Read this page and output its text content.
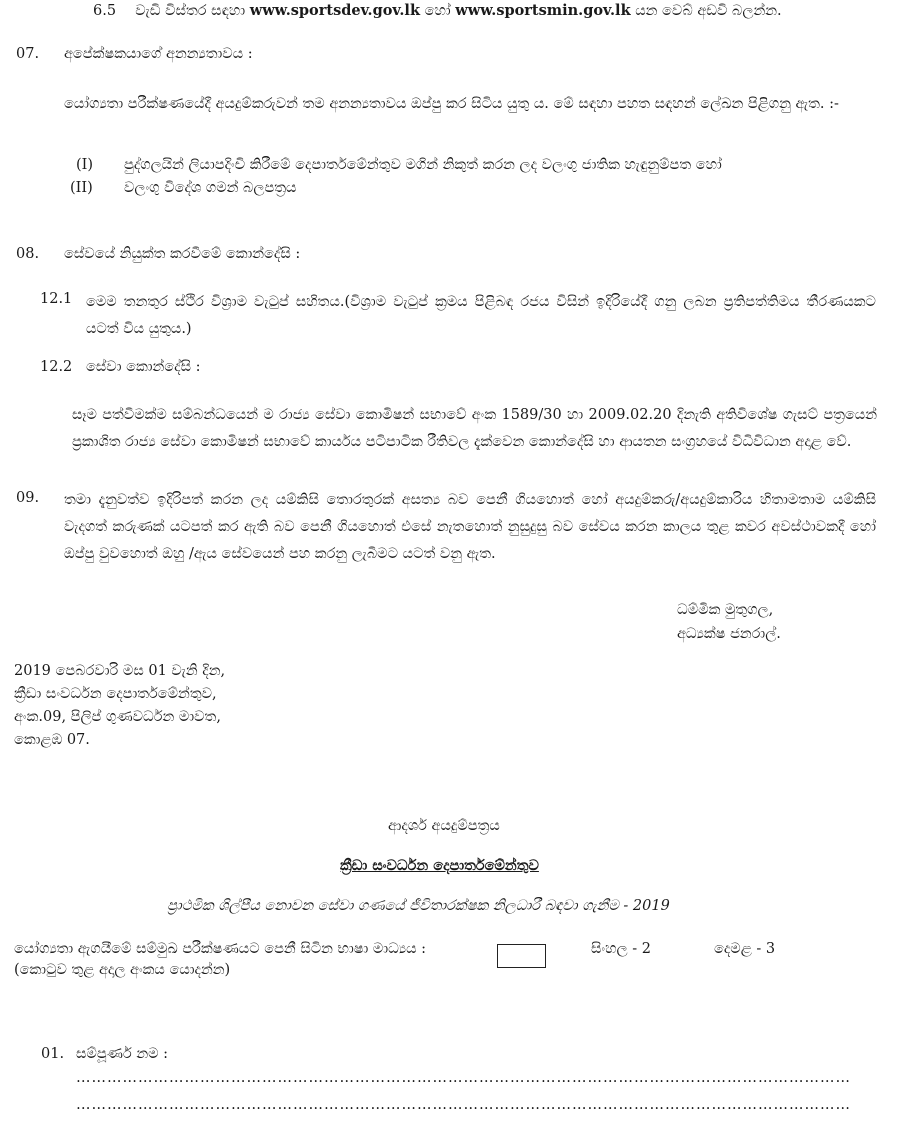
6.5 වැඩි විස්තර සඳහා www.sportsdev.gov.lk හෝ www.sportsmin.gov.lk යන වෙබ් අඩවි බලන්න.
07. අපේක්ෂකයාගේ අනන්‍යතාවය :
යෝග්‍යතා පරීක්ෂණයේදී අයදුම්කරුවන් තම අනන්‍යතාවය ඔප්පු කර සිටිය යුතු ය. මේ සඳහා පහත සඳහන් ලේඛන පිළිගනු ඇත. :-
(I) පුද්ගලයින් ලියාපදිංචි කිරීමේ දෙපාර්තමේන්තුව මගින් නිකුත් කරන ලද වලංගු ජාතික හැඳුනුම්පත හෝ
(II) වලංගු විදේශ ගමන් බලපත්‍රය
08. සේවයේ නියුක්ත කරවීමේ කොන්දේසි :
12.1 මෙම තනතුර ස්ථිර විශ්‍රාම වැටුප් සහිතය.(විශ්‍රාම වැටුප් ක්‍රමය පිළිබඳ රජය විසින් ඉදිරියේදී ගනු ලබන ප්‍රතිපත්තිමය තීරණයකට යටත් විය යුතුය.)
12.2 සේවා කොන්දේසි :
සෑම පත්වීමක්ම සම්බන්ධයෙන් ම රාජ්‍ය සේවා කොමිෂන් සභාවේ අංක 1589/30 හා 2009.02.20 දිනැති අතිවිශේෂ ගැසට් පත්‍රයෙන් ප්‍රකාශිත රාජ්‍ය සේවා කොමිෂන් සභාවේ කාර්යය පටිපාටික රීතිවල දැක්වෙන කොන්දේසි හා ආයතන සංග්‍රහයේ විධිවිධාන අදාළ වේ.
09. තමා දැනුවත්ව ඉදිරිපත් කරන ලද යම්කිසි තොරතුරක් අසත්‍ය බව පෙනී ගියහොත් හෝ අයදුම්කරු/අයදුම්කාරිය හිතාමතාම යම්කිසි වැදගත් කරුණක් යටපත් කර ඇති බව පෙනී ගියහොත් එසේ නැතහොත් නුසුදුසු බව සේවය කරන කාලය තුළ කවර අවස්ථාවකදී හෝ ඔප්පු වුවහොත් ඔහු /ඇය සේවයෙන් පහ කරනු ලැබීමට යටත් වනු ඇත.
ධම්මික මුතුගල,
අධ්‍යක්ෂ ජනරාල්.
2019 පෙබරවාරි මස 01 වැනි දින,
ක්‍රීඩා සංවර්ධන දෙපාර්තමේන්තුව,
අංක.09, පිලිප් ගුණවර්ධන මාවත,
කොළඹ 07.
ආදර්ශ අයදුම්පත්‍රය
ක්‍රීඩා සංවර්ධන දෙපාර්තමේන්තුව
ප්‍රාථමික ශිල්පීය නොවන සේවා ගණයේ ජීවිතාරක්ෂක නිලධාරී බඳවා ගැනීම - 2019
යෝග්‍යතා ඇගයීමේ සම්මුඛ පරීක්ෂණයට පෙනී සිටින භාෂා මාධ්‍යය :	සිංහල - 2	දෙමළ - 3
(කොටුව තුළ අදාල අංකය යොදන්න)
01. සම්පූර්ණ නම :
……………………………………………………………………………………………………………………………………
……………………………………………………………………………………………………………………………………
